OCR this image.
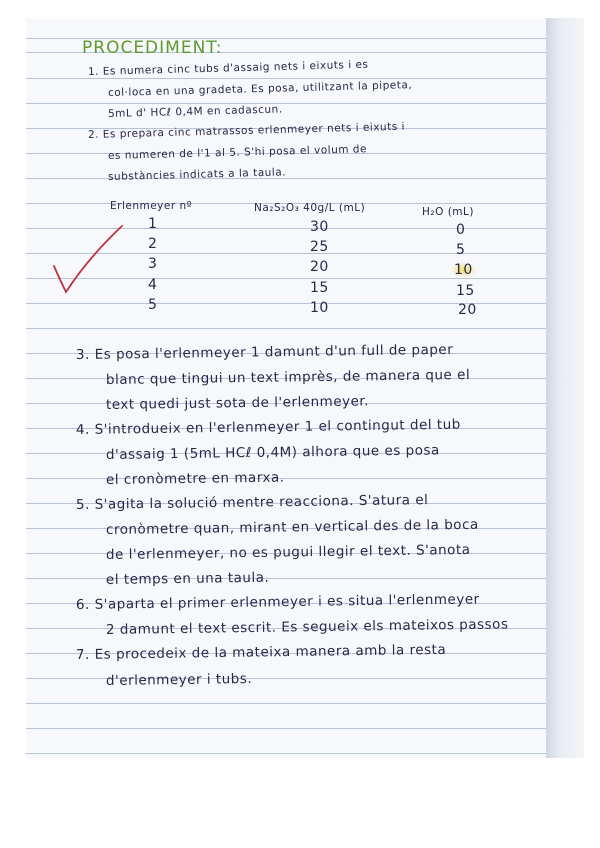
PROCEDIMENT:
1. Es numera cinc tubs d'assaig nets i eixuts i es
col·loca en una gradeta. Es posa, utilitzant la pipeta,
5mL d' HCℓ 0,4M en cadascun.
2. Es prepara cinc matrassos erlenmeyer nets i eixuts i
es numeren de l'1 al 5. S'hi posa el volum de
substàncies indicats a la taula.
Erlenmeyer nº	Na₂S₂O₃ 40g/L (mL)	H₂O (mL)
1	30	0
2	25	5
3	20	10
4	15	15
5	10	20
3. Es posa l'erlenmeyer 1 damunt d'un full de paper
blanc que tingui un text imprès, de manera que el
text quedi just sota de l'erlenmeyer.
4. S'introdueix en l'erlenmeyer 1 el contingut del tub
d'assaig 1 (5mL HCℓ 0,4M) alhora que es posa
el cronòmetre en marxa.
5. S'agita la solució mentre reacciona. S'atura el
cronòmetre quan, mirant en vertical des de la boca
de l'erlenmeyer, no es pugui llegir el text. S'anota
el temps en una taula.
6. S'aparta el primer erlenmeyer i es situa l'erlenmeyer
2 damunt el text escrit. Es segueix els mateixos passos
7. Es procedeix de la mateixa manera amb la resta
d'erlenmeyer i tubs.
